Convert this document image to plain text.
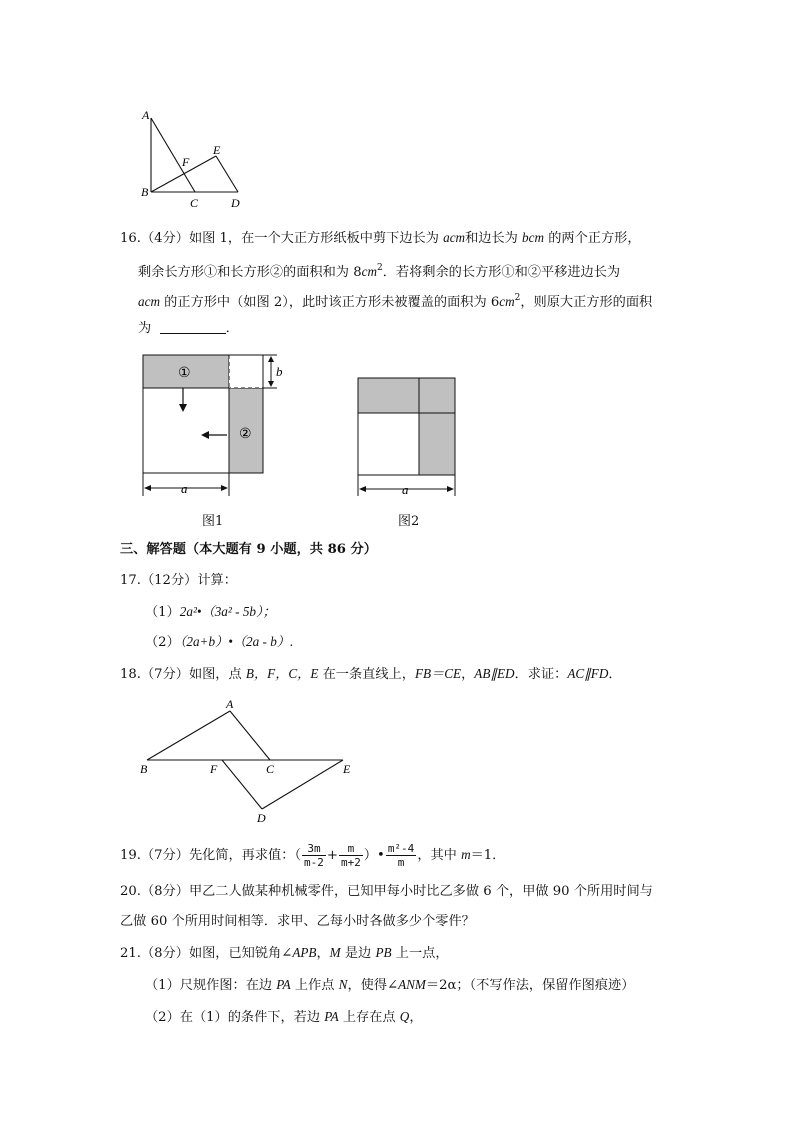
A
B
C	D
E
F
16.（4分）如图 1，在一个大正方形纸板中剪下边长为 acm和边长为 bcm 的两个正方形，
剩余长方形①和长方形②的面积和为 $8cm^2$．若将剩余的长方形①和②平移进边长为
acm 的正方形中（如图 2），此时该正方形未被覆盖的面积为 $6cm^2$，则原大正方形的面积
为	．
①
②
b
a
图1
a
图2
三、解答题（本大题有 9 小题，共 86 分）
17.（12分）计算：
（1）2a²•（3a² - 5b）；
（2）（2a+b）•（2a - b）.
18.（7分）如图，点 B，F，C，E 在一条直线上，FB＝CE，AB∥ED．求证：AC∥FD．
A
B	F	C	E
D
19.（7分）先化简，再求值：（ $\frac{3m}{m-2} + \frac{m}{m+2}$ ）• $\frac{\text{m²-4}}{m}$ ，其中 m＝1．
20.（8分）甲乙二人做某种机械零件，已知甲每小时比乙多做 6 个，甲做 90 个所用时间与
乙做 60 个所用时间相等．求甲、乙每小时各做多少个零件？
21.（8分）如图，已知锐角∠APB，M 是边 PB 上一点，
（1）尺规作图：在边 PA 上作点 N，使得∠ANM＝2α；（不写作法，保留作图痕迹）
（2）在（1）的条件下，若边 PA 上存在点 Q，
